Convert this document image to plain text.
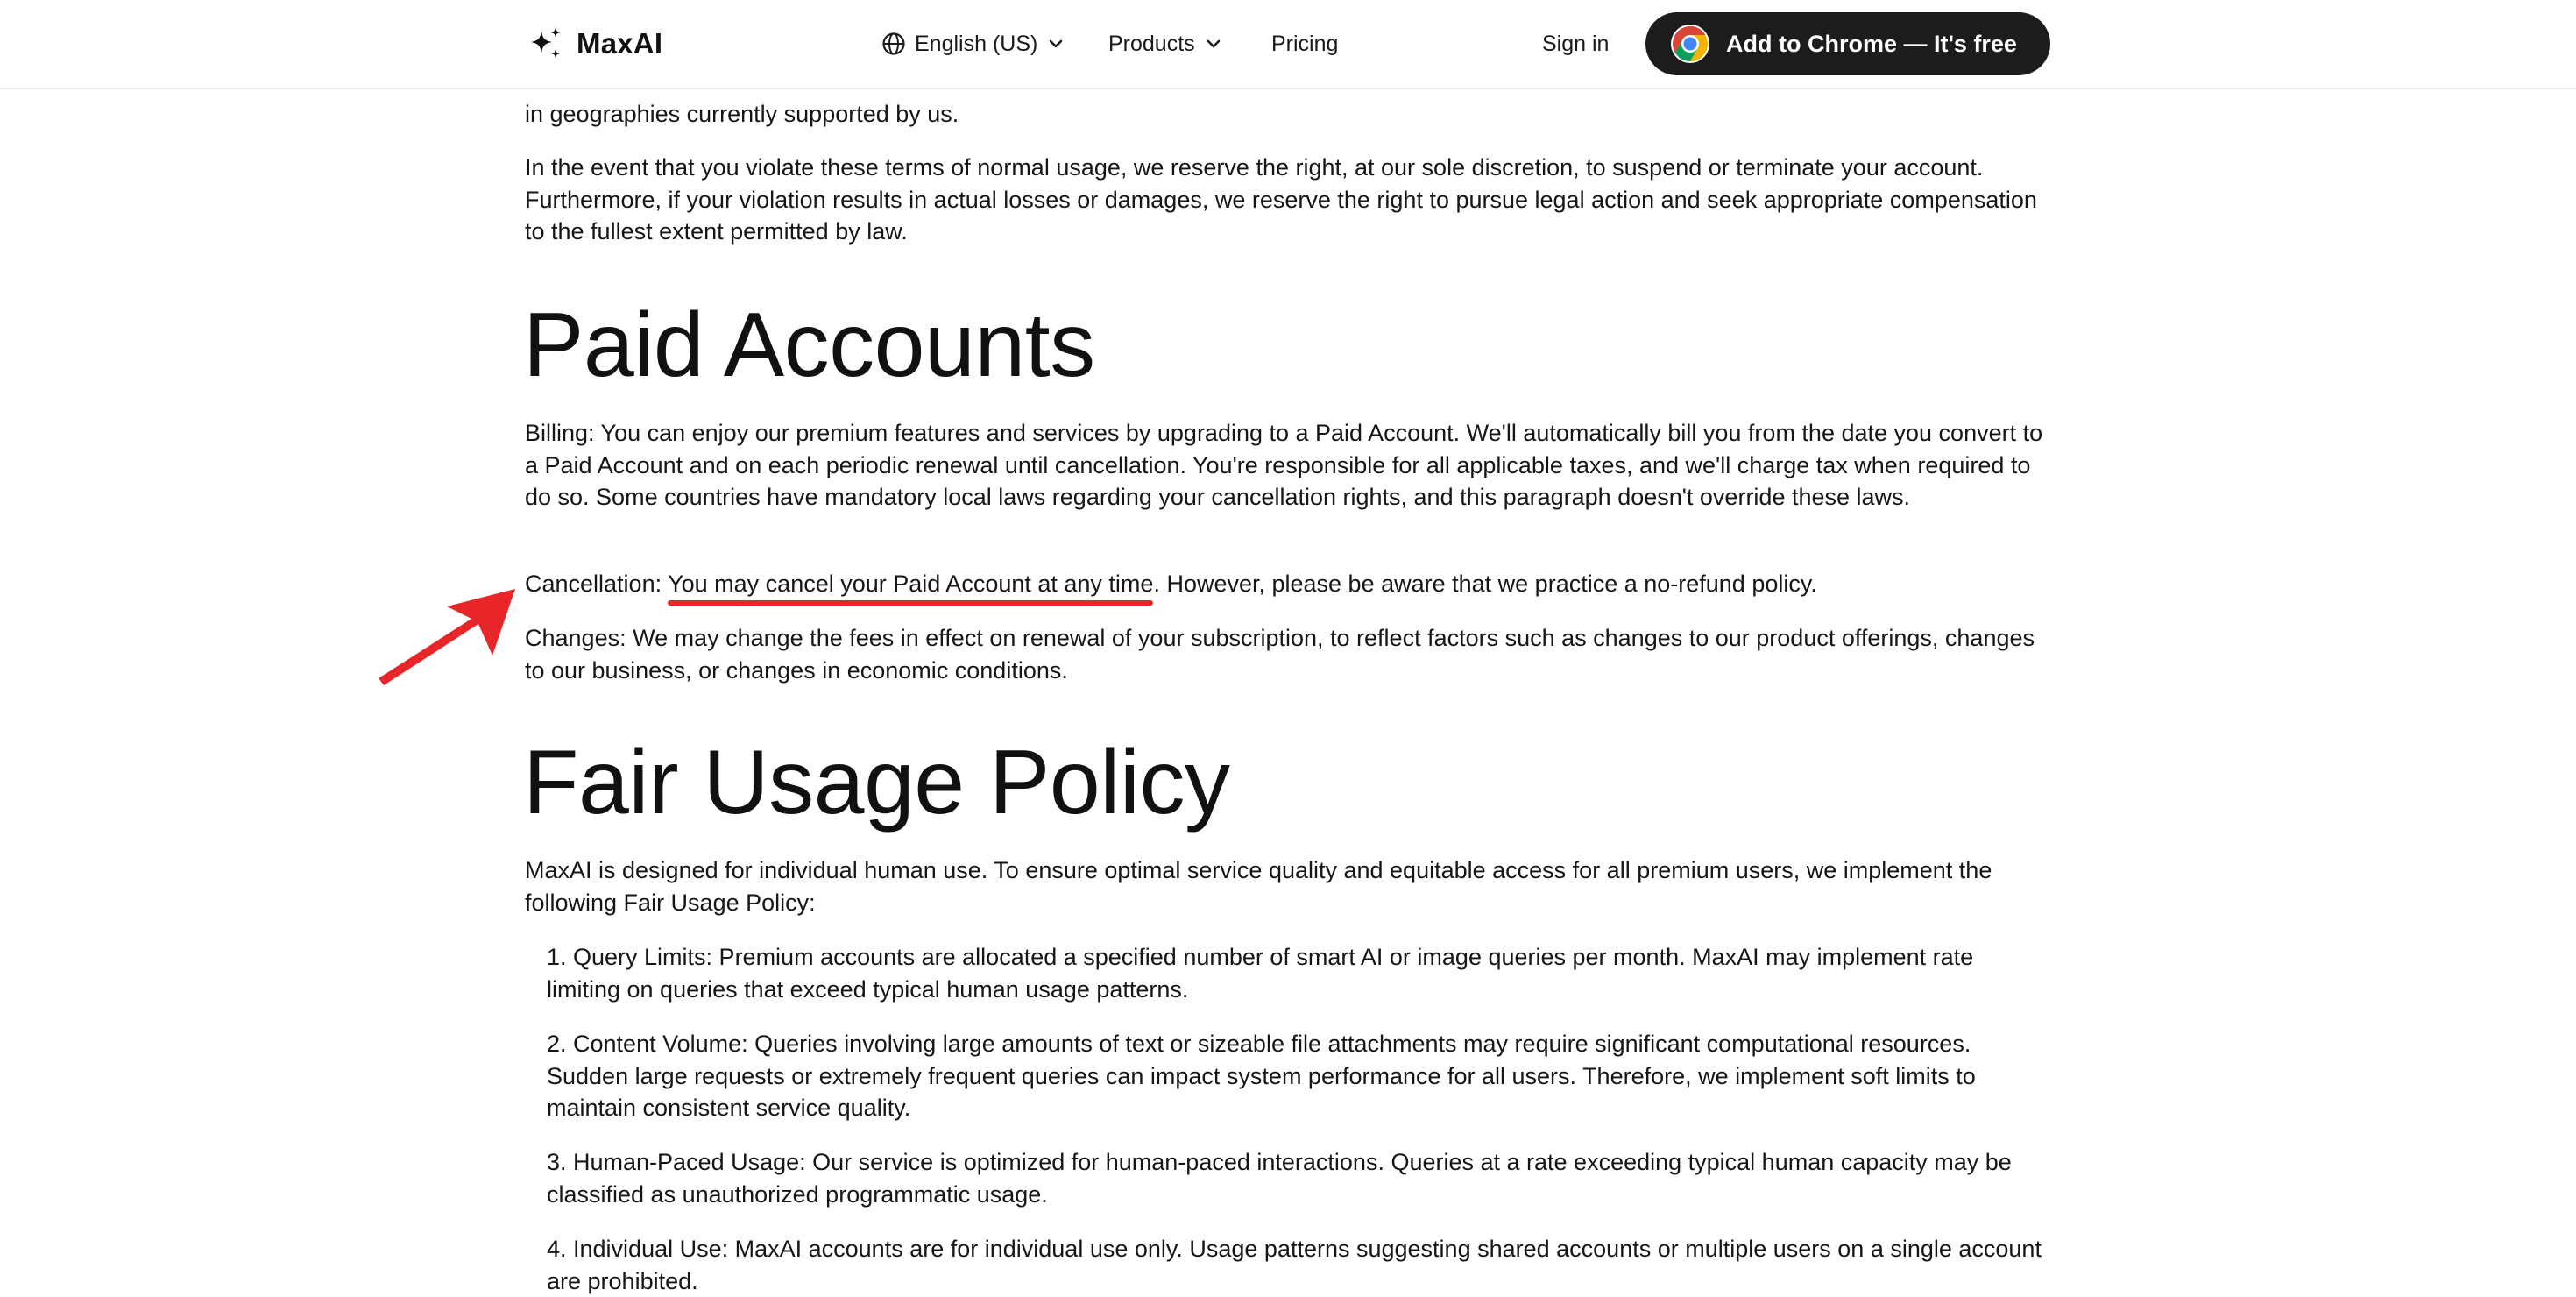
in geographies currently supported by us.

In the event that you violate these terms of normal usage, we reserve the right, at our sole discretion, to suspend or terminate your account. Furthermore, if your violation results in actual losses or damages, we reserve the right to pursue legal action and seek appropriate compensation to the fullest extent permitted by law.

Paid Accounts

Billing: You can enjoy our premium features and services by upgrading to a Paid Account. We'll automatically bill you from the date you convert to a Paid Account and on each periodic renewal until cancellation. You're responsible for all applicable taxes, and we'll charge tax when required to do so. Some countries have mandatory local laws regarding your cancellation rights, and this paragraph doesn't override these laws.

Cancellation: You may cancel your Paid Account at any time. However, please be aware that we practice a no-refund policy.

Changes: We may change the fees in effect on renewal of your subscription, to reflect factors such as changes to our product offerings, changes to our business, or changes in economic conditions.

Fair Usage Policy

MaxAI is designed for individual human use. To ensure optimal service quality and equitable access for all premium users, we implement the following Fair Usage Policy:

1. Query Limits: Premium accounts are allocated a specified number of smart AI or image queries per month. MaxAI may implement rate limiting on queries that exceed typical human usage patterns.

2. Content Volume: Queries involving large amounts of text or sizeable file attachments may require significant computational resources. Sudden large requests or extremely frequent queries can impact system performance for all users. Therefore, we implement soft limits to maintain consistent service quality.

3. Human-Paced Usage: Our service is optimized for human-paced interactions. Queries at a rate exceeding typical human capacity may be classified as unauthorized programmatic usage.

4. Individual Use: MaxAI accounts are for individual use only. Usage patterns suggesting shared accounts or multiple users on a single account are prohibited.

MaxAI	English (US)	Products	Pricing	Sign in	Add to Chrome — It's free
